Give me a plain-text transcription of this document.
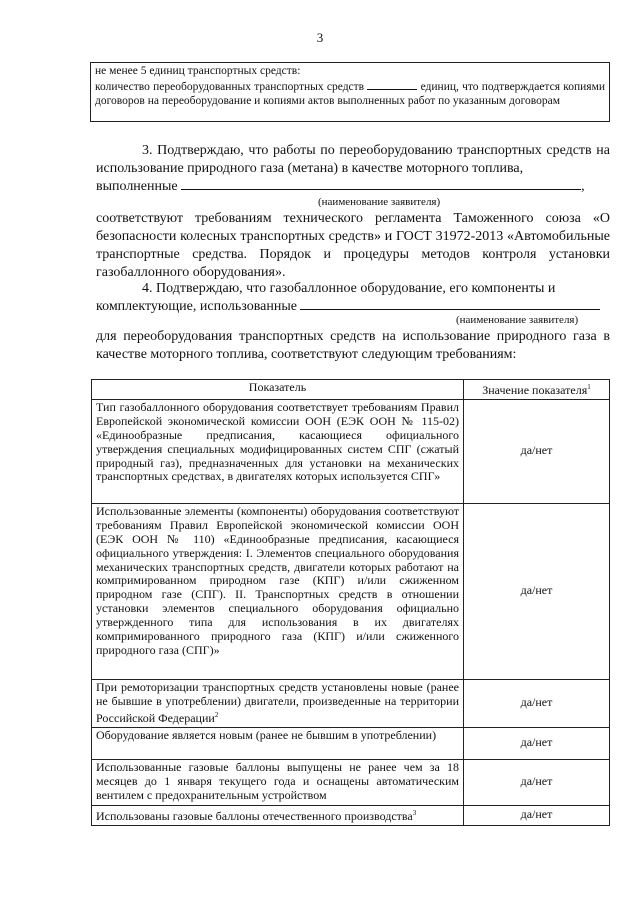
3
не менее 5 единиц транспортных средств:
количество переоборудованных транспортных средств	единиц, что подтверждается копиями договоров на переоборудование и копиями актов выполненных работ по указанным договорам
3. Подтверждаю, что работы по переоборудованию транспортных средств на использование природного газа (метана) в качестве моторного топлива,
выполненные	,
(наименование заявителя)
соответствуют требованиям технического регламента Таможенного союза «О безопасности колесных транспортных средств» и ГОСТ 31972-2013 «Автомобильные транспортные средства. Порядок и процедуры методов контроля установки газобаллонного оборудования».
4. Подтверждаю, что газобаллонное оборудование, его компоненты и
комплектующие, использованные
(наименование заявителя)
для переоборудования транспортных средств на использование природного газа в качестве моторного топлива, соответствуют следующим требованиям:
Показатель	Значение показателя$^1$
Тип газобаллонного оборудования соответствует требованиям Правил Европейской экономической комиссии ООН (ЕЭК ООН № 115-02) «Единообразные предписания, касающиеся официального утверждения специальных модифицированных систем СПГ (сжатый природный газ), предназначенных для установки на механических транспортных средствах, в двигателях которых используется СПГ»	да/нет
Использованные элементы (компоненты) оборудования соответствуют требованиям Правил Европейской экономической комиссии ООН (ЕЭК ООН № 110) «Единообразные предписания, касающиеся официального утверждения: I. Элементов специального оборудования механических транспортных средств, двигатели которых работают на компримированном природном газе (КПГ) и/или сжиженном природном газе (СПГ). II. Транспортных средств в отношении установки элементов специального оборудования официально утвержденного типа для использования в их двигателях компримированного природного газа (КПГ) и/или сжиженного природного газа (СПГ)»	да/нет
При ремоторизации транспортных средств установлены новые (ранее не бывшие в употреблении) двигатели, произведенные на территории Российской Федерации$^2$	да/нет
Оборудование является новым (ранее не бывшим в употреблении)	да/нет
Использованные газовые баллоны выпущены не ранее чем за 18 месяцев до 1 января текущего года и оснащены автоматическим вентилем с предохранительным устройством	да/нет
Использованы газовые баллоны отечественного производства$^3$	да/нет
